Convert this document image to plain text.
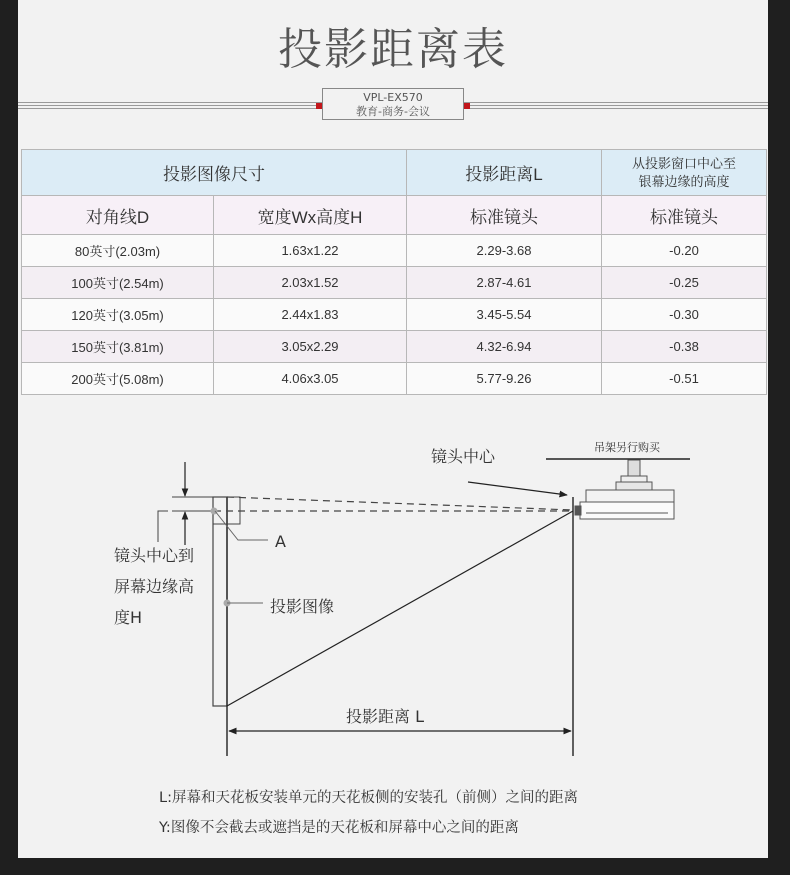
投影距离表
VPL-EX570
教育-商务-会议
投影图像尺寸		投影距离L	从投影窗口中心至
银幕边缘的高度

对角线D	宽度Wx高度H	标准镜头	标准镜头
80英寸(2.03m)	1.63x1.22	2.29-3.68	-0.20
100英寸(2.54m)	2.03x1.52	2.87-4.61	-0.25
120英寸(3.05m)	2.44x1.83	3.45-5.54	-0.30
150英寸(3.81m)	3.05x2.29	4.32-6.94	-0.38
200英寸(5.08m)	4.06x3.05	5.77-9.26	-0.51
镜头中心	吊架另行购买
A
镜头中心到
屏幕边缘高
度H
投影图像
投影距离 L
L:屏幕和天花板安装单元的天花板侧的安装孔（前侧）之间的距离
Y:图像不会截去或遮挡是的天花板和屏幕中心之间的距离
